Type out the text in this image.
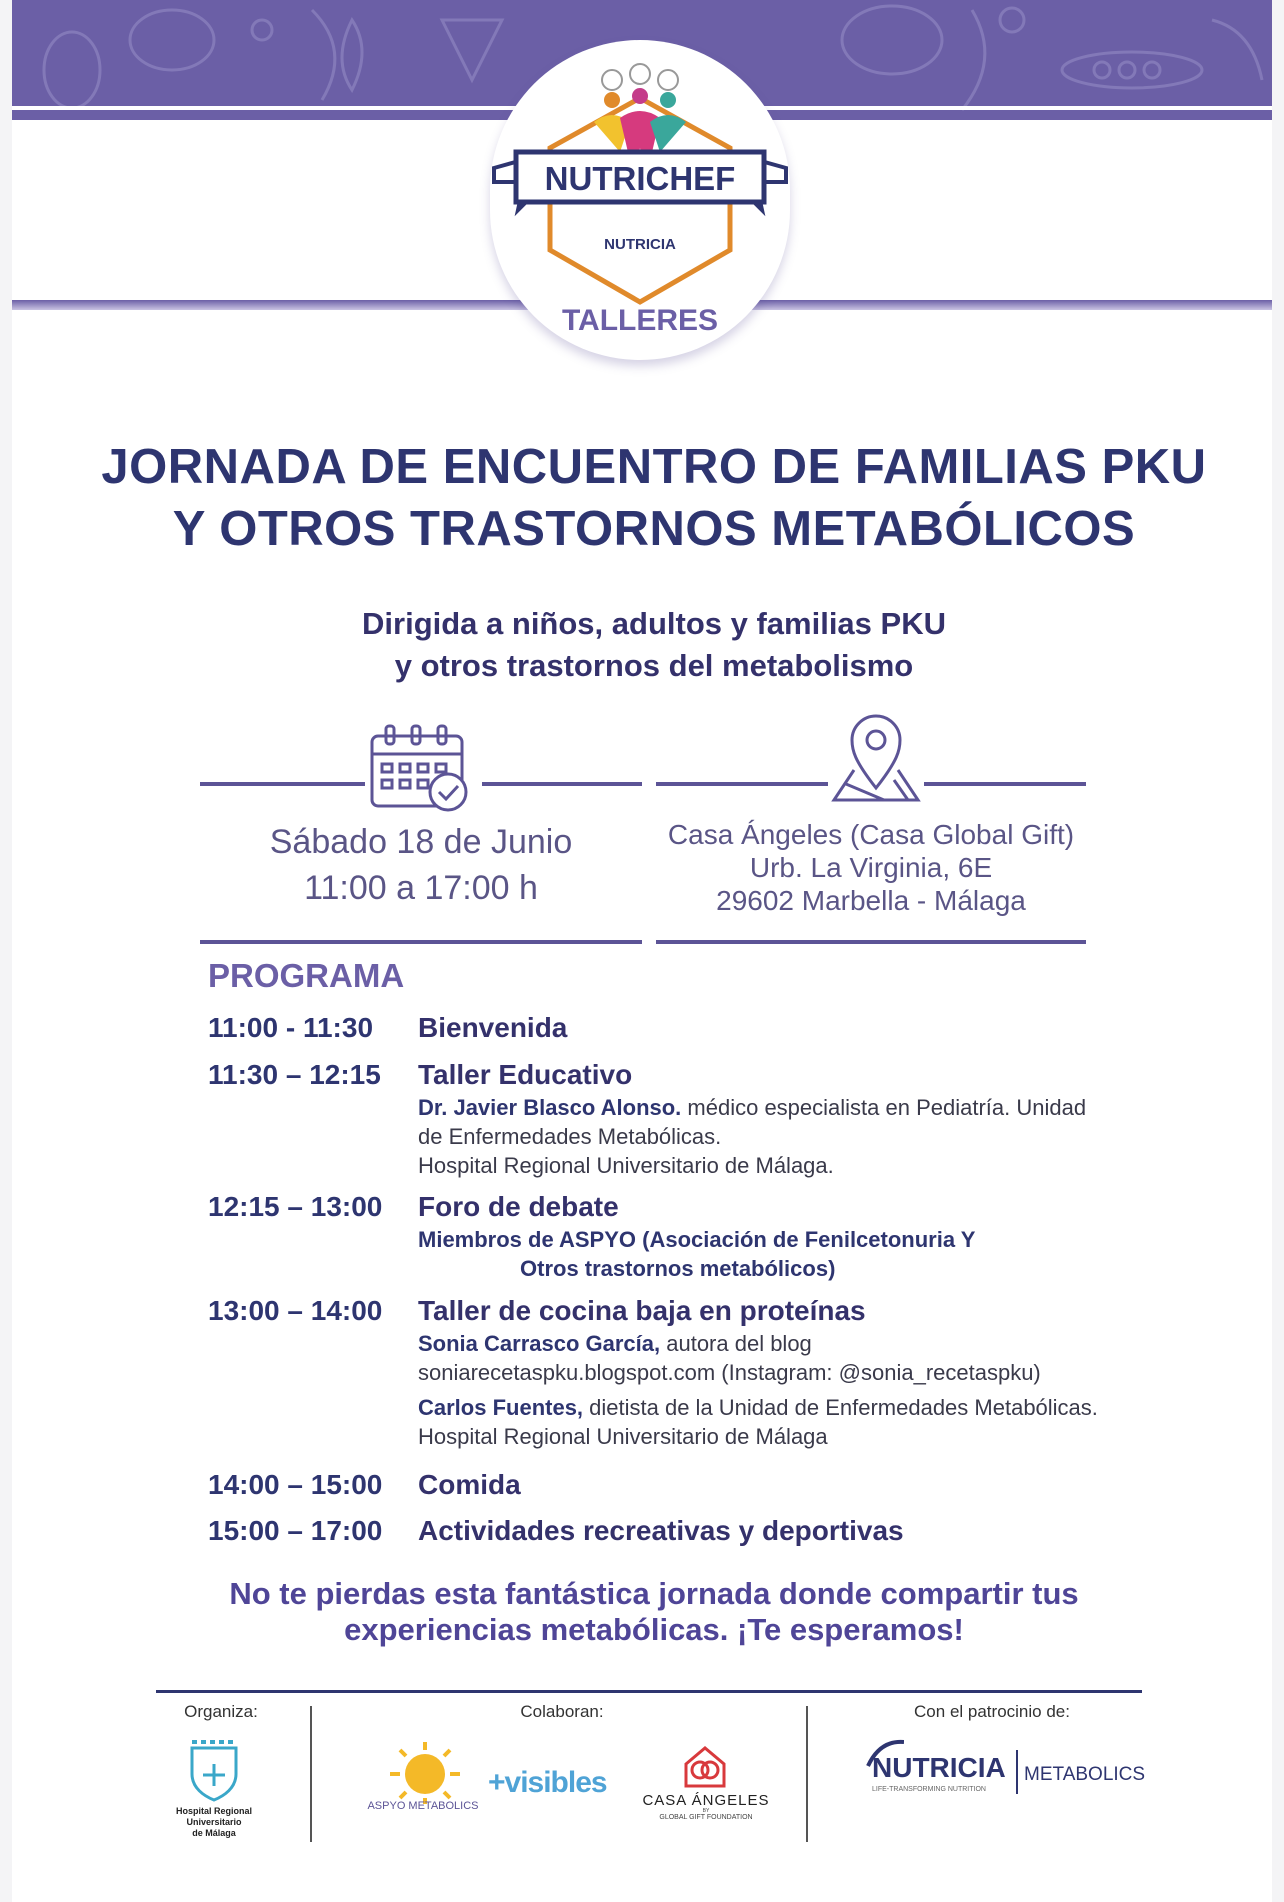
NUTRICHEF
NUTRICIA
TALLERES
JORNADA DE ENCUENTRO DE FAMILIAS PKU
Y OTROS TRASTORNOS METABÓLICOS
Dirigida a niños, adultos y familias PKU
y otros trastornos del metabolismo
Sábado 18 de Junio
11:00 a 17:00 h
Casa Ángeles (Casa Global Gift)
Urb. La Virginia, 6E
29602 Marbella - Málaga
PROGRAMA
11:00 - 11:30	Bienvenida
11:30 – 12:15	Taller Educativo
Dr. Javier Blasco Alonso. médico especialista en Pediatría. Unidad
de Enfermedades Metabólicas.
Hospital Regional Universitario de Málaga.
12:15 – 13:00	Foro de debate
Miembros de ASPYO (Asociación de Fenilcetonuria Y
Otros trastornos metabólicos)
13:00 – 14:00	Taller de cocina baja en proteínas
Sonia Carrasco García, autora del blog
soniarecetaspku.blogspot.com (Instagram: @sonia_recetaspku)
Carlos Fuentes, dietista de la Unidad de Enfermedades Metabólicas.
Hospital Regional Universitario de Málaga
14:00 – 15:00	Comida
15:00 – 17:00	Actividades recreativas y deportivas
No te pierdas esta fantástica jornada donde compartir tus
experiencias metabólicas. ¡Te esperamos!
Organiza:	Colaboran:	Con el patrocinio de:
Hospital Regional
Universitario
de Málaga
ASPYO METABOLICS
+visibles
CASA ÁNGELES
BY
GLOBAL GIFT FOUNDATION
NUTRICIA
LIFE-TRANSFORMING NUTRITION
METABOLICS
